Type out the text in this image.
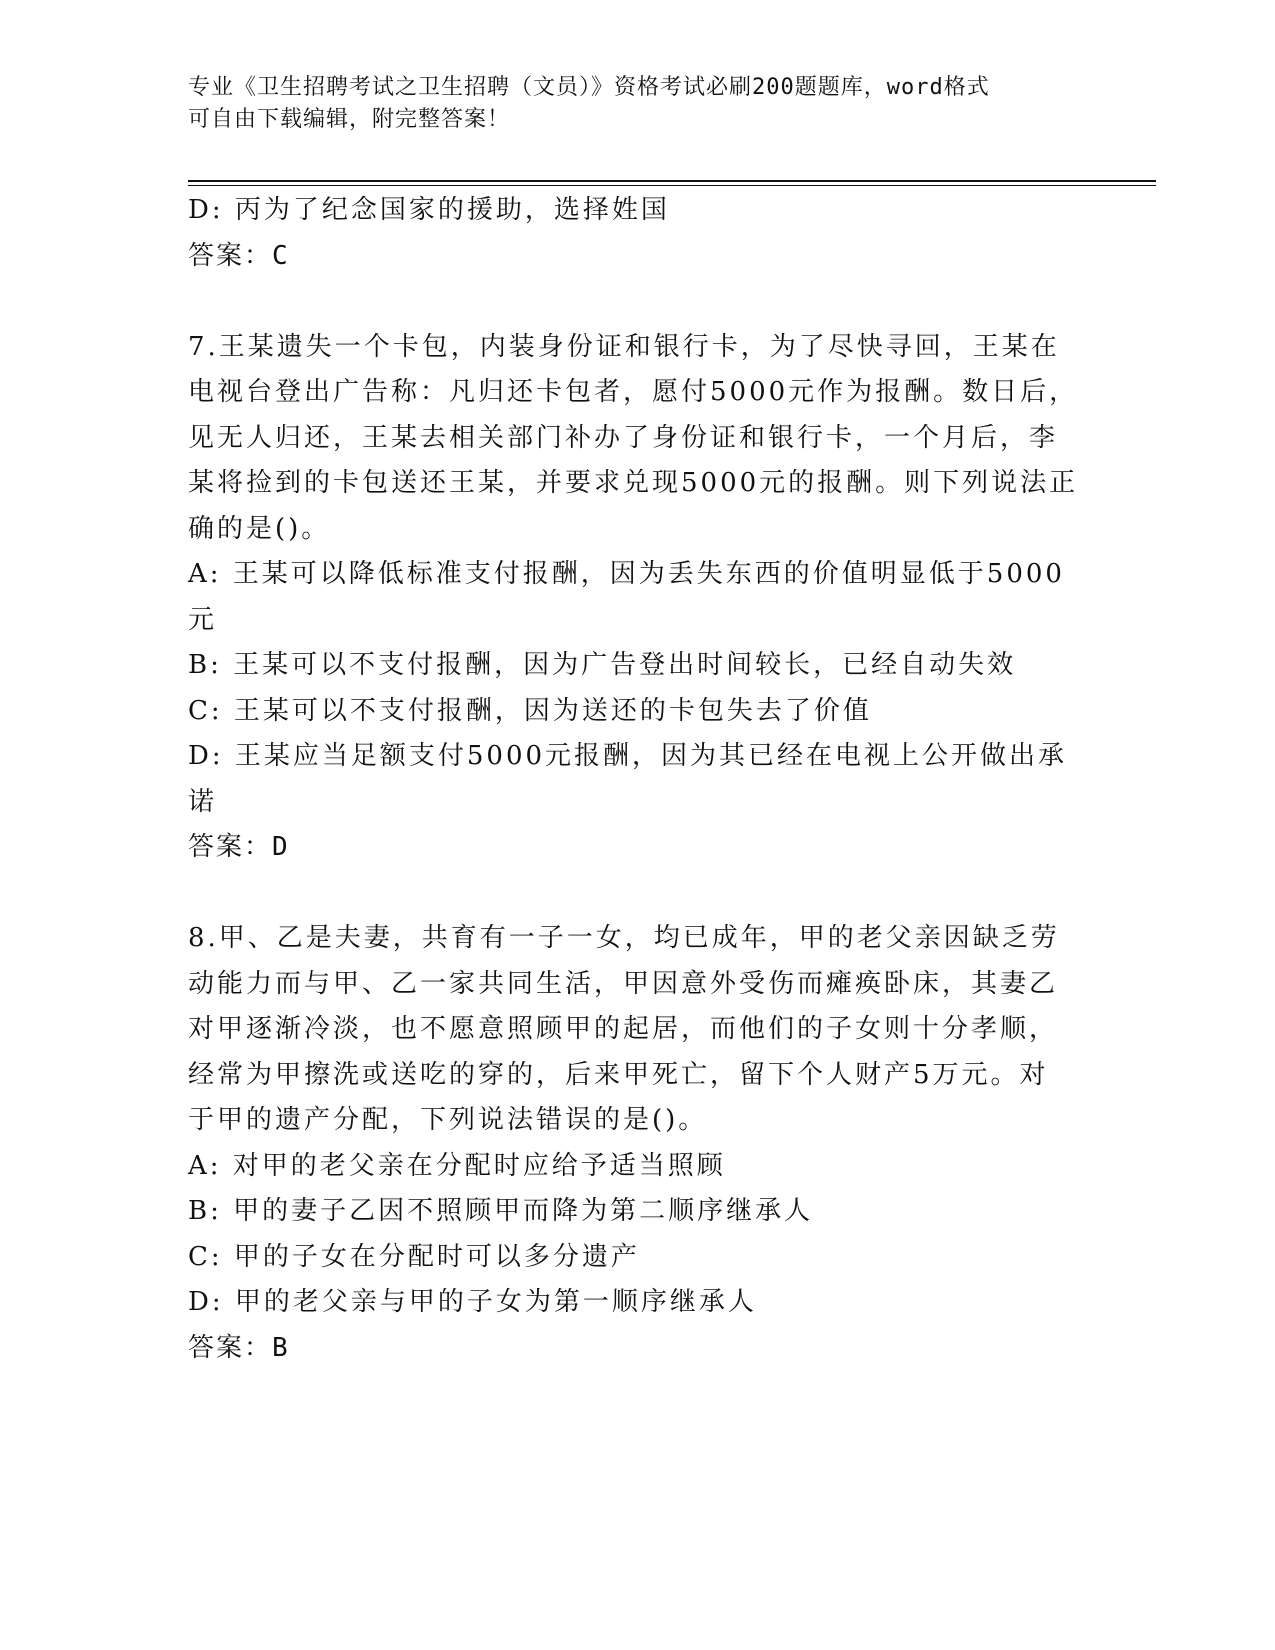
专业《卫生招聘考试之卫生招聘（文员）》资格考试必刷200题题库，word格式
可自由下载编辑，附完整答案！

D: 丙为了纪念国家的援助，选择姓国

答案：C

7.王某遗失一个卡包，内装身份证和银行卡，为了尽快寻回，王某在

电视台登出广告称：凡归还卡包者，愿付5000元作为报酬。数日后，

见无人归还，王某去相关部门补办了身份证和银行卡，一个月后，李

某将捡到的卡包送还王某，并要求兑现5000元的报酬。则下列说法正

确的是()。

A: 王某可以降低标准支付报酬，因为丢失东西的价值明显低于5000

元

B: 王某可以不支付报酬，因为广告登出时间较长，已经自动失效

C: 王某可以不支付报酬，因为送还的卡包失去了价值

D: 王某应当足额支付5000元报酬，因为其已经在电视上公开做出承

诺

答案：D

8.甲、乙是夫妻，共育有一子一女，均已成年，甲的老父亲因缺乏劳

动能力而与甲、乙一家共同生活，甲因意外受伤而瘫痪卧床，其妻乙

对甲逐渐冷淡，也不愿意照顾甲的起居，而他们的子女则十分孝顺，

经常为甲擦洗或送吃的穿的，后来甲死亡，留下个人财产5万元。对

于甲的遗产分配，下列说法错误的是()。

A: 对甲的老父亲在分配时应给予适当照顾

B: 甲的妻子乙因不照顾甲而降为第二顺序继承人

C: 甲的子女在分配时可以多分遗产

D: 甲的老父亲与甲的子女为第一顺序继承人

答案：B
